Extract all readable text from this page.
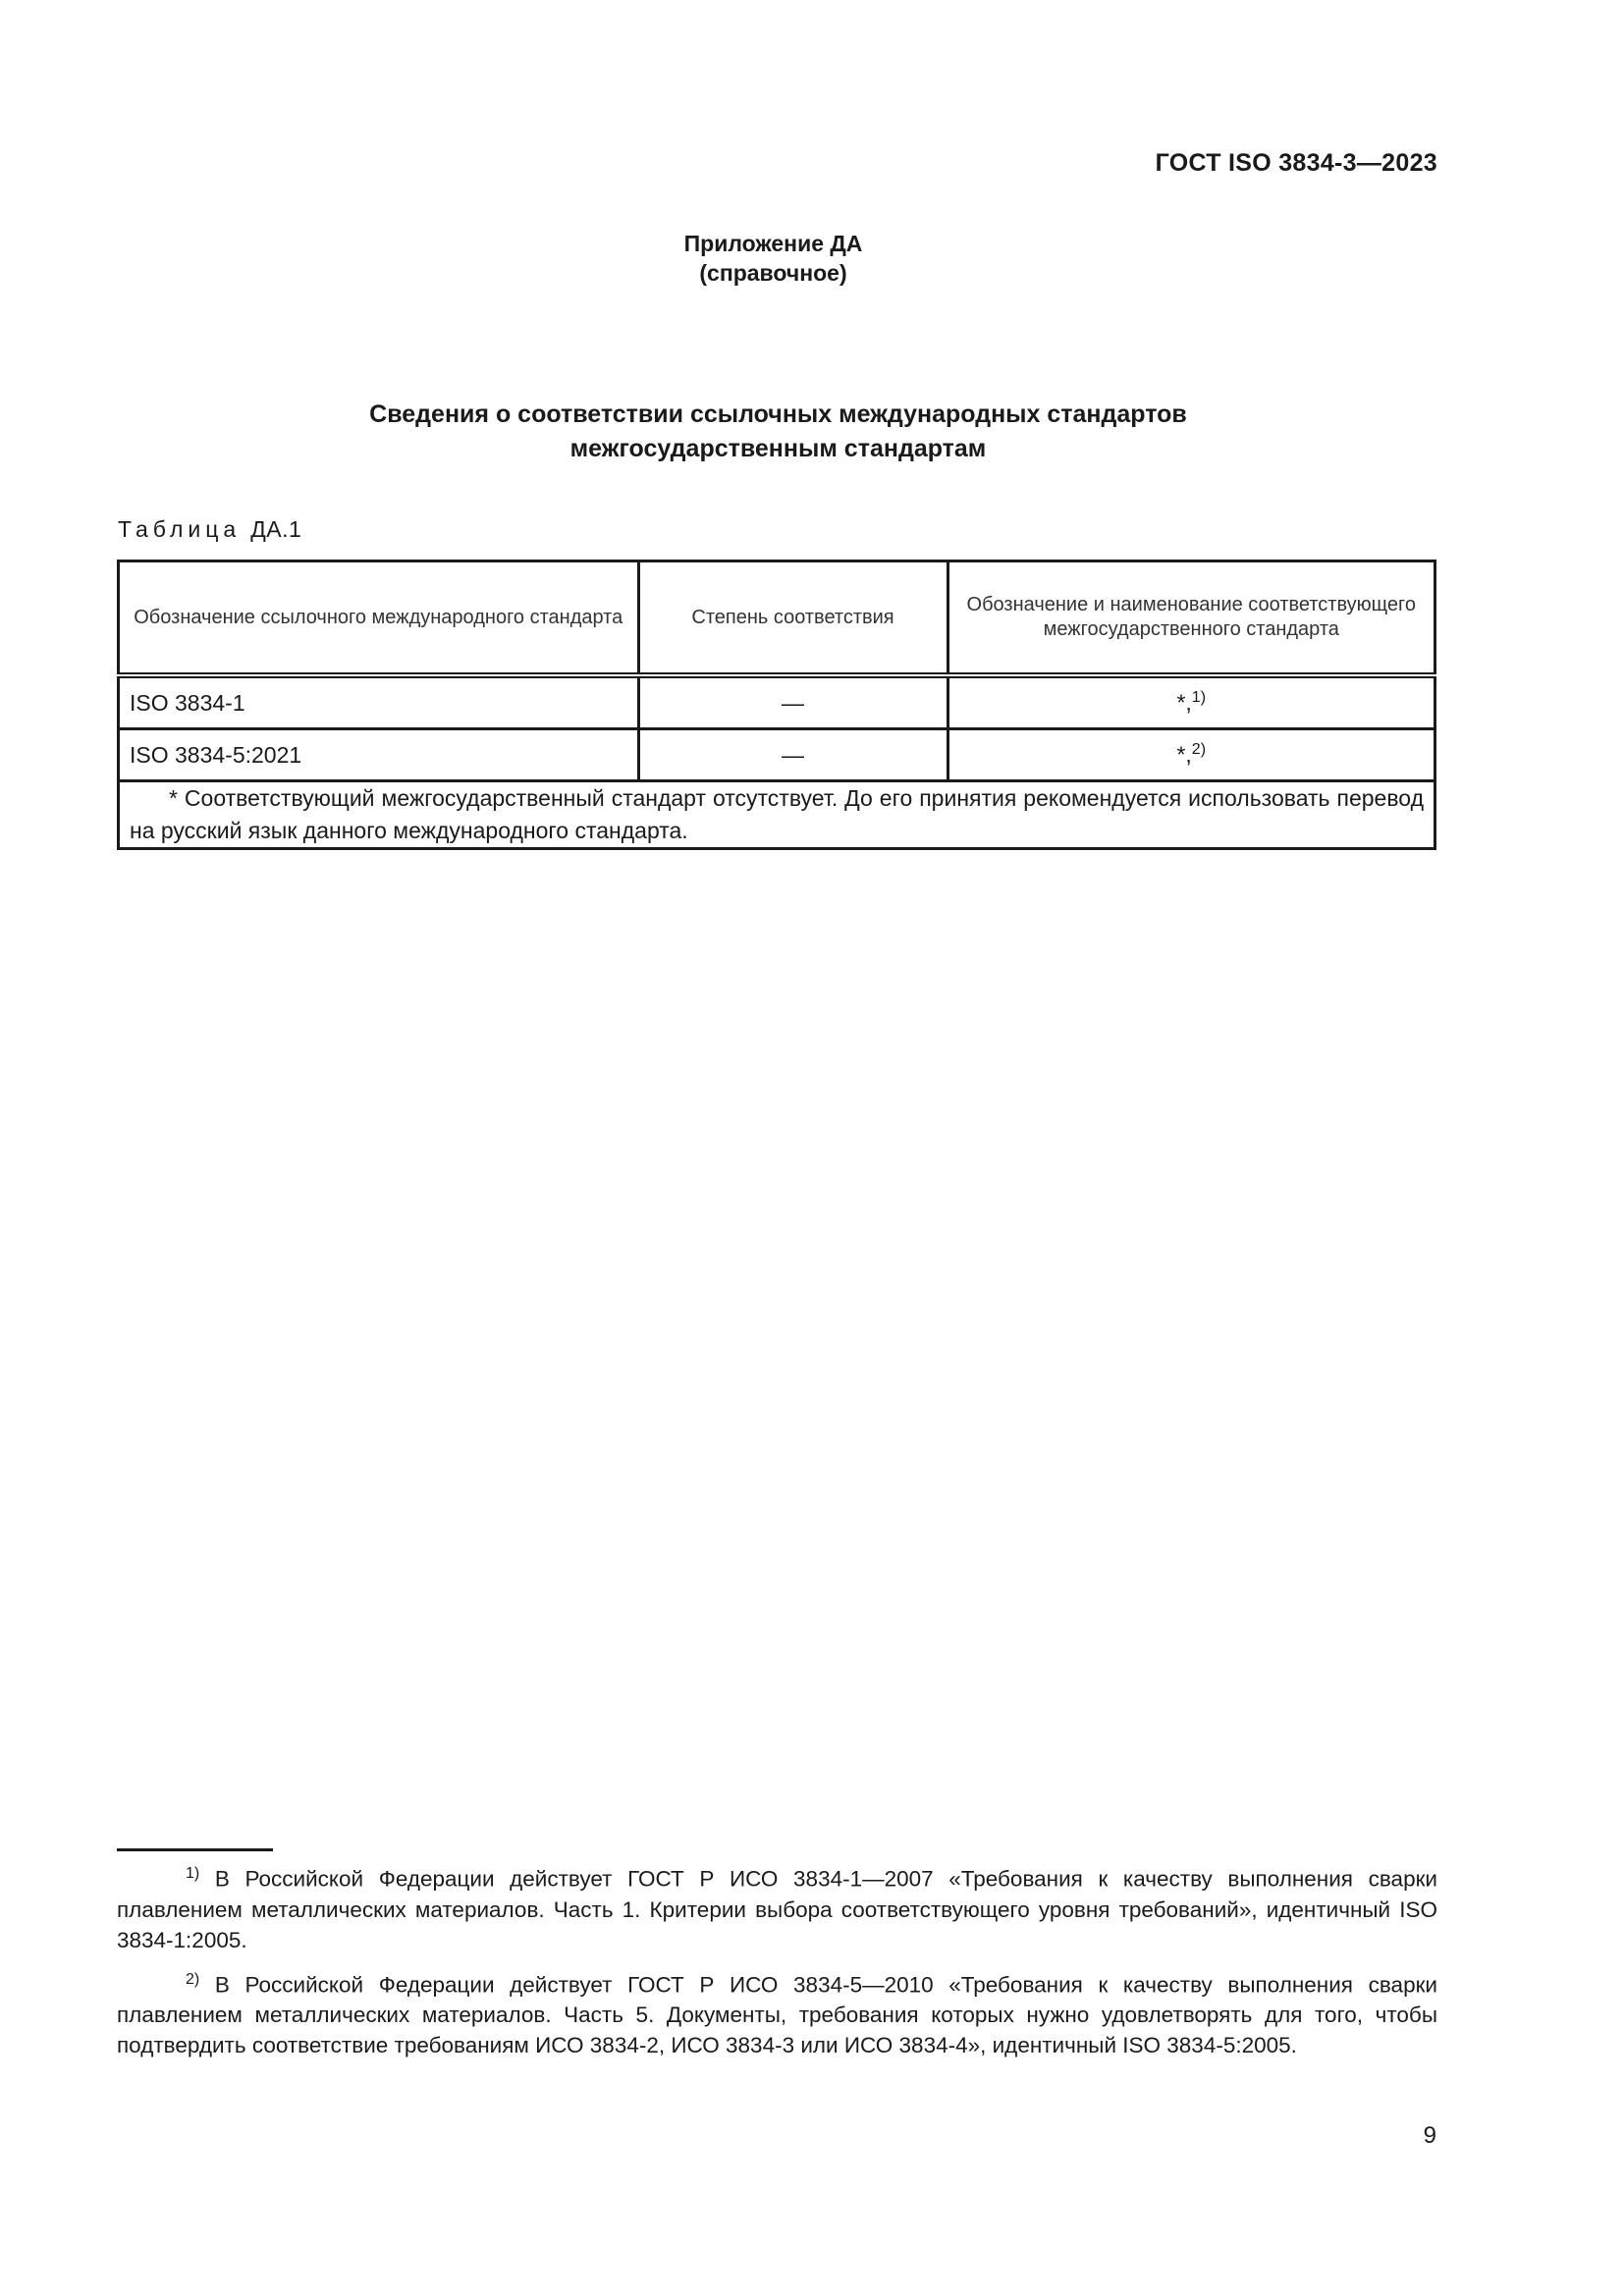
ГОСТ ISO 3834-3—2023
Приложение ДА
(справочное)
Сведения о соответствии ссылочных международных стандартов
межгосударственным стандартам
Таблица ДА.1
Обозначение ссылочного международного стандарта	Степень соответствия	Обозначение и наименование соответствующего межгосударственного стандарта
ISO 3834-1	—	*,$^{1)}$
ISO 3834-5:2021	—	*,$^{2)}$
* Соответствующий межгосударственный стандарт отсутствует. До его принятия рекомендуется использовать перевод на русский язык данного международного стандарта.		

$^{1)}$ В Российской Федерации действует ГОСТ Р ИСО 3834-1—2007 «Требования к качеству выполнения сварки плавлением металлических материалов. Часть 1. Критерии выбора соответствующего уровня требований», идентичный ISO 3834-1:2005.

$^{2)}$ В Российской Федерации действует ГОСТ Р ИСО 3834-5—2010 «Требования к качеству выполнения сварки плавлением металлических материалов. Часть 5. Документы, требования которых нужно удовлетворять для того, чтобы подтвердить соответствие требованиям ИСО 3834-2, ИСО 3834-3 или ИСО 3834-4», идентичный ISO 3834-5:2005.

9
